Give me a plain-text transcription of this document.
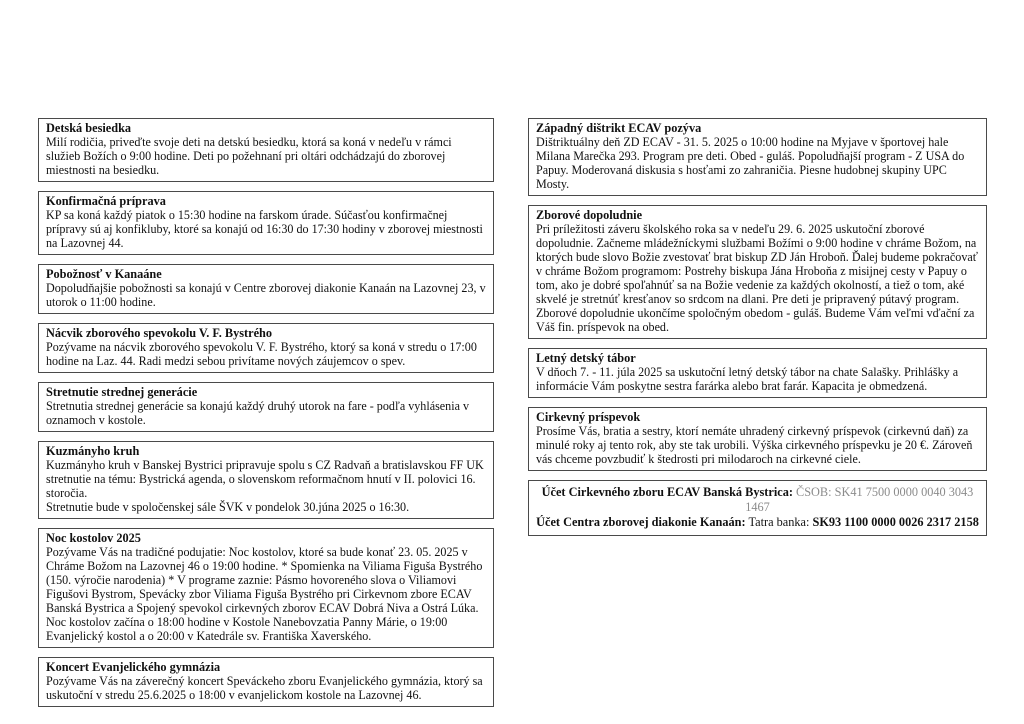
Detská besiedka

Milí rodičia, priveďte svoje deti na detskú besiedku, ktorá sa koná v nedeľu v rámci služieb Božích o 9:00 hodine. Deti po požehnaní pri oltári odchádzajú do zborovej miestnosti na besiedku.

Konfirmačná príprava

KP sa koná každý piatok o 15:30 hodine na farskom úrade. Súčasťou konfirmačnej prípravy sú aj konfikluby, ktoré sa konajú od 16:30 do 17:30 hodiny v zborovej miestnosti na Lazovnej 44.

Pobožnosť v Kanaáne

Dopoludňajšie pobožnosti sa konajú v Centre zborovej diakonie Kanaán na Lazovnej 23, v utorok o 11:00 hodine.

Nácvik zborového spevokolu V. F. Bystrého

Pozývame na nácvik zborového spevokolu V. F. Bystrého, ktorý sa koná v stredu o 17:00 hodine na Laz. 44. Radi medzi sebou privítame nových záujemcov o spev.

Stretnutie strednej generácie

Stretnutia strednej generácie sa konajú každý druhý utorok na fare - podľa vyhlásenia v oznamoch v kostole.

Kuzmányho kruh

Kuzmányho kruh v Banskej Bystrici pripravuje spolu s CZ Radvaň a bratislavskou FF UK stretnutie na tému: Bystrická agenda, o slovenskom reformačnom hnutí v II. polovici 16. storočia.

Stretnutie bude v spoločenskej sále ŠVK v pondelok 30.júna 2025 o 16:30.

Noc kostolov 2025

Pozývame Vás na tradičné podujatie: Noc kostolov, ktoré sa bude konať 23. 05. 2025 v Chráme Božom na Lazovnej 46 o 19:00 hodine. * Spomienka na Viliama Figuša Bystrého (150. výročie narodenia) * V programe zaznie: Pásmo hovoreného slova o Viliamovi Figušovi Bystrom, Spevácky zbor Viliama Figuša Bystrého pri Cirkevnom zbore ECAV Banská Bystrica a Spojený spevokol cirkevných zborov ECAV Dobrá Niva a Ostrá Lúka.

Noc kostolov začína o 18:00 hodine v Kostole Nanebovzatia Panny Márie, o 19:00 Evanjelický kostol a o 20:00 v Katedrále sv. Františka Xaverského.

Koncert Evanjelického gymnázia

Pozývame Vás na záverečný koncert Speváckeho zboru Evanjelického gymnázia, ktorý sa uskutoční v stredu 25.6.2025 o 18:00 v evanjelickom kostole na Lazovnej 46.

Západný dištrikt ECAV pozýva

Dištriktuálny deň ZD ECAV - 31. 5. 2025 o 10:00 hodine na Myjave v športovej hale Milana Marečka 293. Program pre deti. Obed - guláš. Popoludňajší program - Z USA do Papuy. Moderovaná diskusia s hosťami zo zahraničia. Piesne hudobnej skupiny UPC Mosty.

Zborové dopoludnie

Pri príležitosti záveru školského roka sa v nedeľu 29. 6. 2025 uskutoční zborové dopoludnie. Začneme mládežníckymi službami Božími o 9:00 hodine v chráme Božom, na ktorých bude slovo Božie zvestovať brat biskup ZD Ján Hroboň. Ďalej budeme pokračovať v chráme Božom programom: Postrehy biskupa Jána Hroboňa z misijnej cesty v Papuy o tom, ako je dobré spoľahnúť sa na Božie vedenie za každých okolností, a tiež o tom, aké skvelé je stretnúť kresťanov so srdcom na dlani. Pre deti je pripravený pútavý program. Zborové dopoludnie ukončíme spoločným obedom - guláš. Budeme Vám veľmi vďační za Váš fin. príspevok na obed.

Letný detský tábor

V dňoch 7. - 11. júla 2025 sa uskutoční letný detský tábor na chate Salašky. Prihlášky a informácie Vám poskytne sestra farárka alebo brat farár. Kapacita je obmedzená.

Cirkevný príspevok

Prosíme Vás, bratia a sestry, ktorí nemáte uhradený cirkevný príspevok (cirkevnú daň) za minulé roky aj tento rok, aby ste tak urobili. Výška cirkevného príspevku je 20 €. Zároveň vás chceme povzbudiť k štedrosti pri milodaroch na cirkevné ciele.

Účet Cirkevného zboru ECAV Banská Bystrica: ČSOB: SK41 7500 0000 0040 3043 1467
Účet Centra zborovej diakonie Kanaán: Tatra banka: SK93 1100 0000 0026 2317 2158
